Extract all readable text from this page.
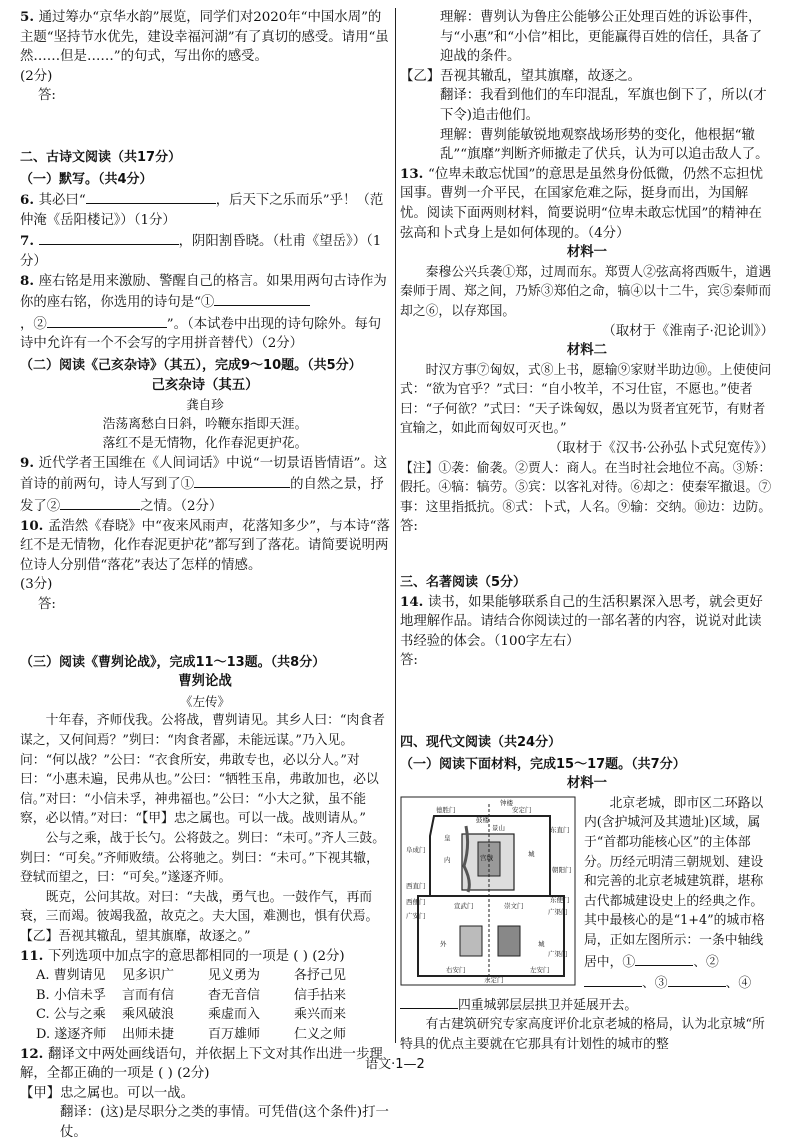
5. 通过筹办“京华水韵”展览，同学们对2020年“中国水周”的主题“坚持节水优先，建设幸福河湖”有了真切的感受。请用“虽然……但是……”的句式，写出你的感受。
(2分)
答:

二、古诗文阅读（共17分）

（一）默写。（共4分）

6. 其必曰“	，后天下之乐而乐”乎！（范仲淹《岳阳楼记》）（1分）

7.	，阴阳割昏晓。（杜甫《望岳》）（1分）

8. 座右铭是用来激励、警醒自己的格言。如果用两句古诗作为你的座右铭，你选用的诗句是“①
，②	”。（本试卷中出现的诗句除外。每句诗中允许有一个不会写的字用拼音替代）（2分）

（二）阅读《己亥杂诗》（其五），完成9～10题。（共5分）

己亥杂诗（其五）

龚自珍

浩荡离愁白日斜，吟鞭东指即天涯。

落红不是无情物，化作春泥更护花。

9. 近代学者王国维在《人间词话》中说“一切景语皆情语”。这首诗的前两句，诗人写到了①	的自然之景，抒发了②	之情。（2分）

10. 孟浩然《春晓》中“夜来风雨声，花落知多少”，与本诗“落红不是无情物，化作春泥更护花”都写到了落花。请简要说明两位诗人分别借“落花”表达了怎样的情感。
(3分)
答:

（三）阅读《曹刿论战》，完成11～13题。（共8分）

曹刿论战

《左传》

十年春，齐师伐我。公将战，曹刿请见。其乡人曰：“肉食者谋之，又何间焉？”刿曰：“肉食者鄙，未能远谋。”乃入见。问：“何以战？”公曰：“衣食所安，弗敢专也，必以分人。”对曰：“小惠未遍，民弗从也。”公曰：“牺牲玉帛，弗敢加也，必以信。”对曰：“小信未孚，神弗福也。”公曰：“小大之狱，虽不能察，必以情。”对曰：“【甲】忠之属也。可以一战。战则请从。”

公与之乘，战于长勺。公将鼓之。刿曰：“未可。”齐人三鼓。刿曰：“可矣。”齐师败绩。公将驰之。刿曰：“未可。”下视其辙，登轼而望之，曰：“可矣。”遂逐齐师。

既克，公问其故。对曰：“夫战，勇气也。一鼓作气，再而衰，三而竭。彼竭我盈，故克之。夫大国，难测也，惧有伏焉。【乙】吾视其辙乱，望其旗靡，故逐之。”

11. 下列选项中加点字的意思都相同的一项是 ( ) (2分)

A. 曹刿请见	见多识广	见义勇为	各抒己见
B. 小信未孚	言而有信	杳无音信	信手拈来
C. 公与之乘	乘风破浪	乘虚而入	乘兴而来
D. 遂逐齐师	出师未捷	百万雄师	仁义之师

12. 翻译文中两处画线语句，并依据上下文对其作出进一步理解，全都正确的一项是 ( ) (2分)

【甲】忠之属也。可以一战。

翻译：(这)是尽职分之类的事情。可凭借(这个条件)打一仗。

理解：曹刿认为鲁庄公能够公正处理百姓的诉讼事件，与“小惠”和“小信”相比，更能赢得百姓的信任，具备了迎战的条件。

【乙】吾视其辙乱，望其旗靡，故逐之。

翻译：我看到他们的车印混乱，军旗也倒下了，所以(才下令)追击他们。

理解：曹刿能敏锐地观察战场形势的变化，他根据“辙乱”“旗靡”判断齐师撤走了伏兵，认为可以追击敌人了。

13. “位卑未敢忘忧国”的意思是虽然身份低微，仍然不忘担忧国事。曹刿一介平民，在国家危难之际，挺身而出，为国解忧。阅读下面两则材料，简要说明“位卑未敢忘忧国”的精神在弦高和卜式身上是如何体现的。（4分）

材料一

秦穆公兴兵袭①郑，过周而东。郑贾人②弦高将西贩牛，道遇秦师于周、郑之间，乃矫③郑伯之命，犒④以十二牛，宾⑤秦师而却之⑥，以存郑国。

（取材于《淮南子·氾论训》）

材料二

时汉方事⑦匈奴，式⑧上书，愿输⑨家财半助边⑩。上使使问式：“欲为官乎？”式曰：“自小牧羊，不习仕宦，不愿也。”使者曰：“子何欲？”式曰：“天子诛匈奴，愚以为贤者宜死节，有财者宜输之，如此而匈奴可灭也。”

（取材于《汉书·公孙弘卜式兒宽传》）

【注】①袭：偷袭。②贾人：商人。在当时社会地位不高。③矫：假托。④犒：犒劳。⑤宾：以客礼对待。⑥却之：使秦军撤退。⑦事：这里指抵抗。⑧式：卜式，人名。⑨输：交纳。⑩边：边防。

答:

三、名著阅读（5分）

14. 读书，如果能够联系自己的生活积累深入思考，就会更好地理解作品。请结合你阅读过的一部名著的内容，说说对此读书经验的体会。（100字左右）

答:

四、现代文阅读（共24分）

（一）阅读下面材料，完成15～17题。（共7分）

材料一

德胜门	安定门
钟楼
鼓楼
景山	东直门
阜成门
内
城
朝阳门
西直门
皇
宫城
东便门
宣武门	崇文门
广渠门
广安门
外	城
广渠门
右安门
永定门
左安门
西便门

北京老城，即市区二环路以内(含护城河及其遗址)区域，属于“首都功能核心区”的主体部分。历经元明清三朝规划、建设和完善的北京老城建筑群，堪称古代都城建设史上的经典之作。其中最核心的是“1+4”的城市格局，正如左图所示：一条中轴线居中，①	、②、③	、④四重城郭层层拱卫并延展开去。

有古建筑研究专家高度评价北京老城的格局，认为北京城“所特具的优点主要就在它那具有计划性的城市的整

语文·1—2
